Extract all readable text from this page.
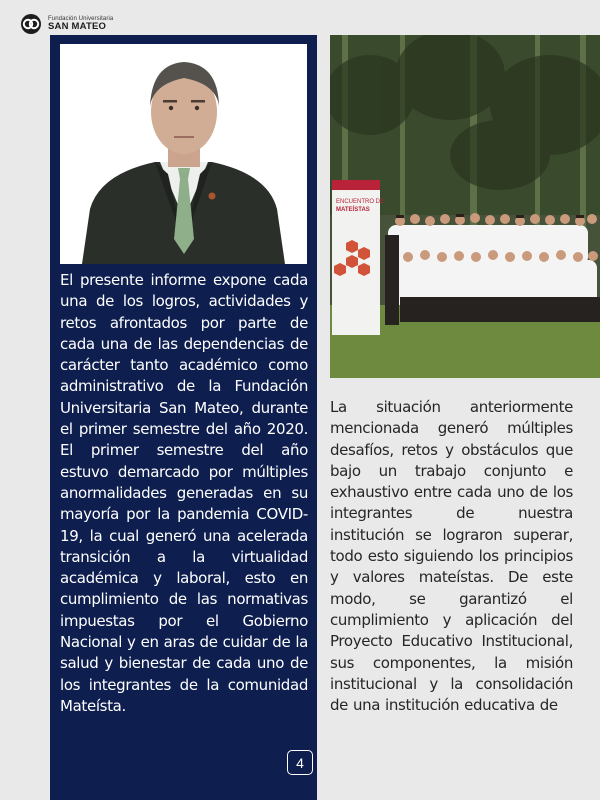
Fundación Universitaria
SAN MATEO

El presente informe expone cada una de los logros, actividades y retos afrontados por parte de cada una de las dependencias de carácter tanto académico como administrativo de la Fundación Universitaria San Mateo, durante el primer semestre del año 2020. El primer semestre del año estuvo demarcado por múltiples anormalidades generadas en su mayoría por la pandemia COVID-19, la cual generó una acelerada transición a la virtualidad académica y laboral, esto en cumplimiento de las normativas impuestas por el Gobierno Nacional y en aras de cuidar de la salud y bienestar de cada uno de los integrantes de la comunidad Mateísta.

4
ENCUENTRO DE
MATEÍSTAS

La situación anteriormente mencionada generó múltiples desafíos, retos y obstáculos que bajo un trabajo conjunto e exhaustivo entre cada uno de los integrantes de nuestra institución se lograron superar, todo esto siguiendo los principios y valores mateístas. De este modo, se garantizó el cumplimiento y aplicación del Proyecto Educativo Institucional, sus componentes, la misión institucional y la consolidación de una institución educativa de
